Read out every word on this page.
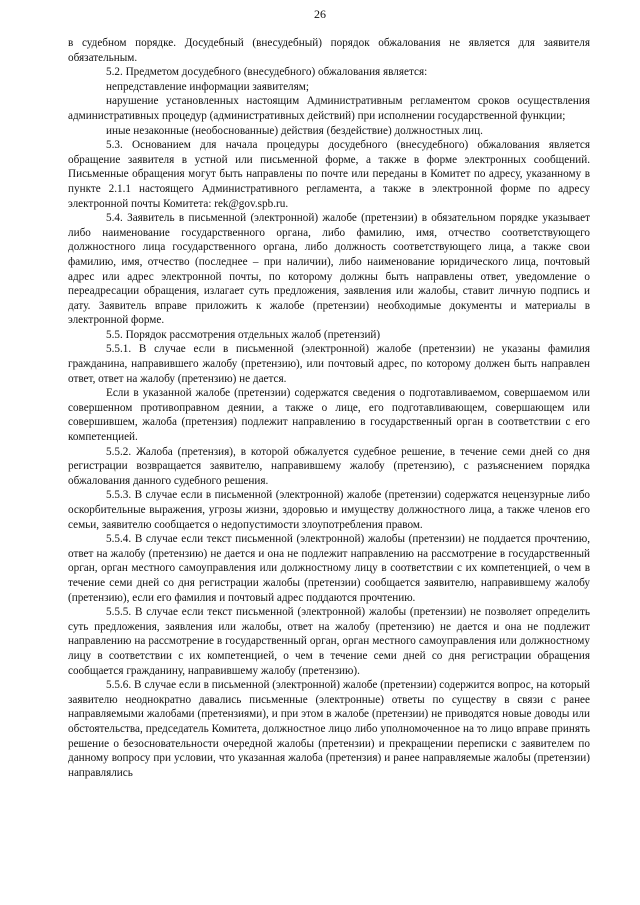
26

в судебном порядке. Досудебный (внесудебный) порядок обжалования не является для заявителя обязательным.

5.2. Предметом досудебного (внесудебного) обжалования является:

непредставление информации заявителям;

нарушение установленных настоящим Административным регламентом сроков осуществления административных процедур (административных действий) при исполнении государственной функции;

иные незаконные (необоснованные) действия (бездействие) должностных лиц.

5.3. Основанием для начала процедуры досудебного (внесудебного) обжалования является обращение заявителя в устной или письменной форме, а также в форме электронных сообщений. Письменные обращения могут быть направлены по почте или переданы в Комитет по адресу, указанному в пункте 2.1.1 настоящего Административного регламента, а также в электронной форме по адресу электронной почты Комитета: rek@gov.spb.ru.

5.4. Заявитель в письменной (электронной) жалобе (претензии) в обязательном порядке указывает либо наименование государственного органа, либо фамилию, имя, отчество соответствующего должностного лица государственного органа, либо должность соответствующего лица, а также свои фамилию, имя, отчество (последнее – при наличии), либо наименование юридического лица, почтовый адрес или адрес электронной почты, по которому должны быть направлены ответ, уведомление о переадресации обращения, излагает суть предложения, заявления или жалобы, ставит личную подпись и дату. Заявитель вправе приложить к жалобе (претензии) необходимые документы и материалы в электронной форме.

5.5. Порядок рассмотрения отдельных жалоб (претензий)

5.5.1. В случае если в письменной (электронной) жалобе (претензии) не указаны фамилия гражданина, направившего жалобу (претензию), или почтовый адрес, по которому должен быть направлен ответ, ответ на жалобу (претензию) не дается.

Если в указанной жалобе (претензии) содержатся сведения о подготавливаемом, совершаемом или совершенном противоправном деянии, а также о лице, его подготавливающем, совершающем или совершившем, жалоба (претензия) подлежит направлению в государственный орган в соответствии с его компетенцией.

5.5.2. Жалоба (претензия), в которой обжалуется судебное решение, в течение семи дней со дня регистрации возвращается заявителю, направившему жалобу (претензию), с разъяснением порядка обжалования данного судебного решения.

5.5.3. В случае если в письменной (электронной) жалобе (претензии) содержатся нецензурные либо оскорбительные выражения, угрозы жизни, здоровью и имуществу должностного лица, а также членов его семьи, заявителю сообщается о недопустимости злоупотребления правом.

5.5.4. В случае если текст письменной (электронной) жалобы (претензии) не поддается прочтению, ответ на жалобу (претензию) не дается и она не подлежит направлению на рассмотрение в государственный орган, орган местного самоуправления или должностному лицу в соответствии с их компетенцией, о чем в течение семи дней со дня регистрации жалобы (претензии) сообщается заявителю, направившему жалобу (претензию), если его фамилия и почтовый адрес поддаются прочтению.

5.5.5. В случае если текст письменной (электронной) жалобы (претензии) не позволяет определить суть предложения, заявления или жалобы, ответ на жалобу (претензию) не дается и она не подлежит направлению на рассмотрение в государственный орган, орган местного самоуправления или должностному лицу в соответствии с их компетенцией, о чем в течение семи дней со дня регистрации обращения сообщается гражданину, направившему жалобу (претензию).

5.5.6. В случае если в письменной (электронной) жалобе (претензии) содержится вопрос, на который заявителю неоднократно давались письменные (электронные) ответы по существу в связи с ранее направляемыми жалобами (претензиями), и при этом в жалобе (претензии) не приводятся новые доводы или обстоятельства, председатель Комитета, должностное лицо либо уполномоченное на то лицо вправе принять решение о безосновательности очередной жалобы (претензии) и прекращении переписки с заявителем по данному вопросу при условии, что указанная жалоба (претензия) и ранее направляемые жалобы (претензии) направлялись
